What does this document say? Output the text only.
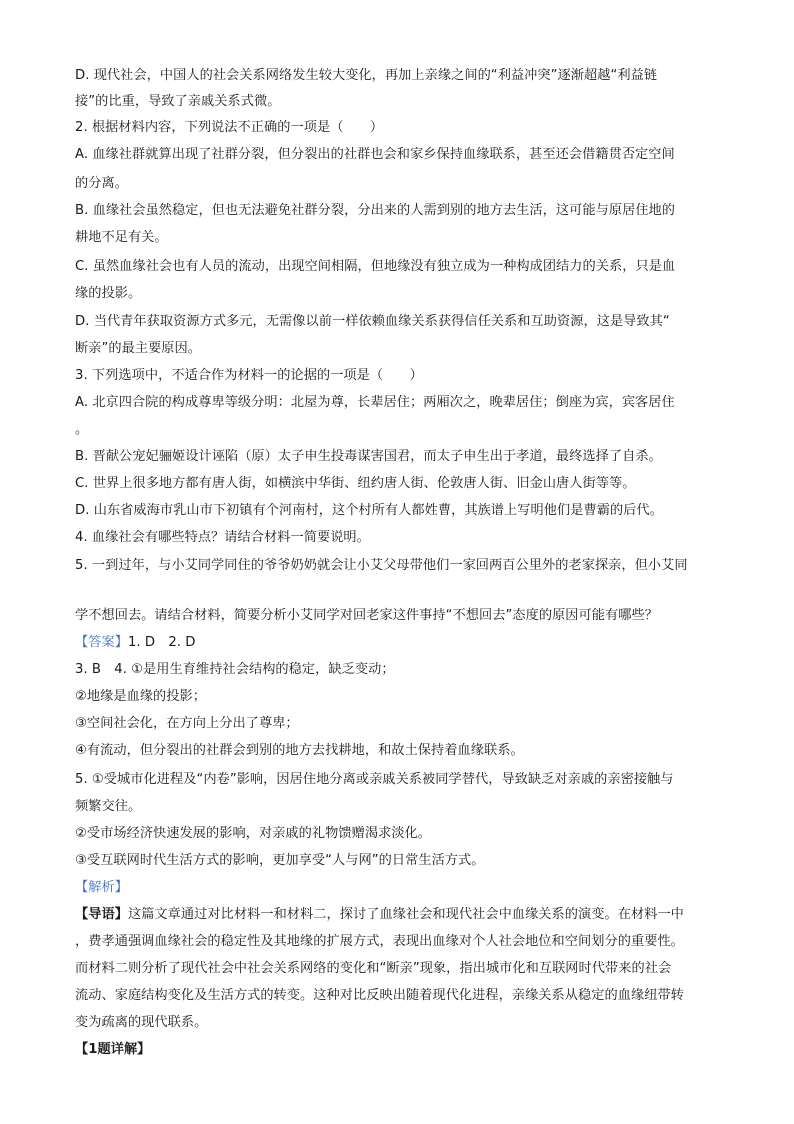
D. 现代社会，中国人的社会关系网络发生较大变化，再加上亲缘之间的“利益冲突”逐渐超越“利益链
接”的比重，导致了亲戚关系式微。
2. 根据材料内容，下列说法不正确的一项是（　　）
A. 血缘社群就算出现了社群分裂，但分裂出的社群也会和家乡保持血缘联系，甚至还会借籍贯否定空间
的分离。
B. 血缘社会虽然稳定，但也无法避免社群分裂，分出来的人需到别的地方去生活，这可能与原居住地的
耕地不足有关。
C. 虽然血缘社会也有人员的流动，出现空间相隔，但地缘没有独立成为一种构成团结力的关系，只是血
缘的投影。
D. 当代青年获取资源方式多元，无需像以前一样依赖血缘关系获得信任关系和互助资源，这是导致其“
断亲”的最主要原因。
3. 下列选项中，不适合作为材料一的论据的一项是（　　）
A. 北京四合院的构成尊卑等级分明：北屋为尊，长辈居住；两厢次之，晚辈居住；倒座为宾，宾客居住
。
B. 晋献公宠妃骊姬设计诬陷（原）太子申生投毒谋害国君，而太子申生出于孝道，最终选择了自杀。
C. 世界上很多地方都有唐人街，如横滨中华街、纽约唐人街、伦敦唐人街、旧金山唐人街等等。
D. 山东省威海市乳山市下初镇有个河南村，这个村所有人都姓曹，其族谱上写明他们是曹霸的后代。
4. 血缘社会有哪些特点？请结合材料一简要说明。
5. 一到过年，与小艾同学同住的爷爷奶奶就会让小艾父母带他们一家回两百公里外的老家探亲，但小艾同
学不想回去。请结合材料，简要分析小艾同学对回老家这件事持“不想回去”态度的原因可能有哪些？
【答案】1. D　2. D
3. B　4. ①是用生育维持社会结构的稳定，缺乏变动；
②地缘是血缘的投影；
③空间社会化，在方向上分出了尊卑；
④有流动，但分裂出的社群会到别的地方去找耕地，和故土保持着血缘联系。
5. ①受城市化进程及“内卷”影响，因居住地分离或亲戚关系被同学替代，导致缺乏对亲戚的亲密接触与
频繁交往。
②受市场经济快速发展的影响，对亲戚的礼物馈赠渴求淡化。
③受互联网时代生活方式的影响，更加享受“人与网”的日常生活方式。
【解析】
【导语】这篇文章通过对比材料一和材料二，探讨了血缘社会和现代社会中血缘关系的演变。在材料一中
，费孝通强调血缘社会的稳定性及其地缘的扩展方式，表现出血缘对个人社会地位和空间划分的重要性。
而材料二则分析了现代社会中社会关系网络的变化和“断亲”现象，指出城市化和互联网时代带来的社会
流动、家庭结构变化及生活方式的转变。这种对比反映出随着现代化进程，亲缘关系从稳定的血缘纽带转
变为疏离的现代联系。
【1题详解】
